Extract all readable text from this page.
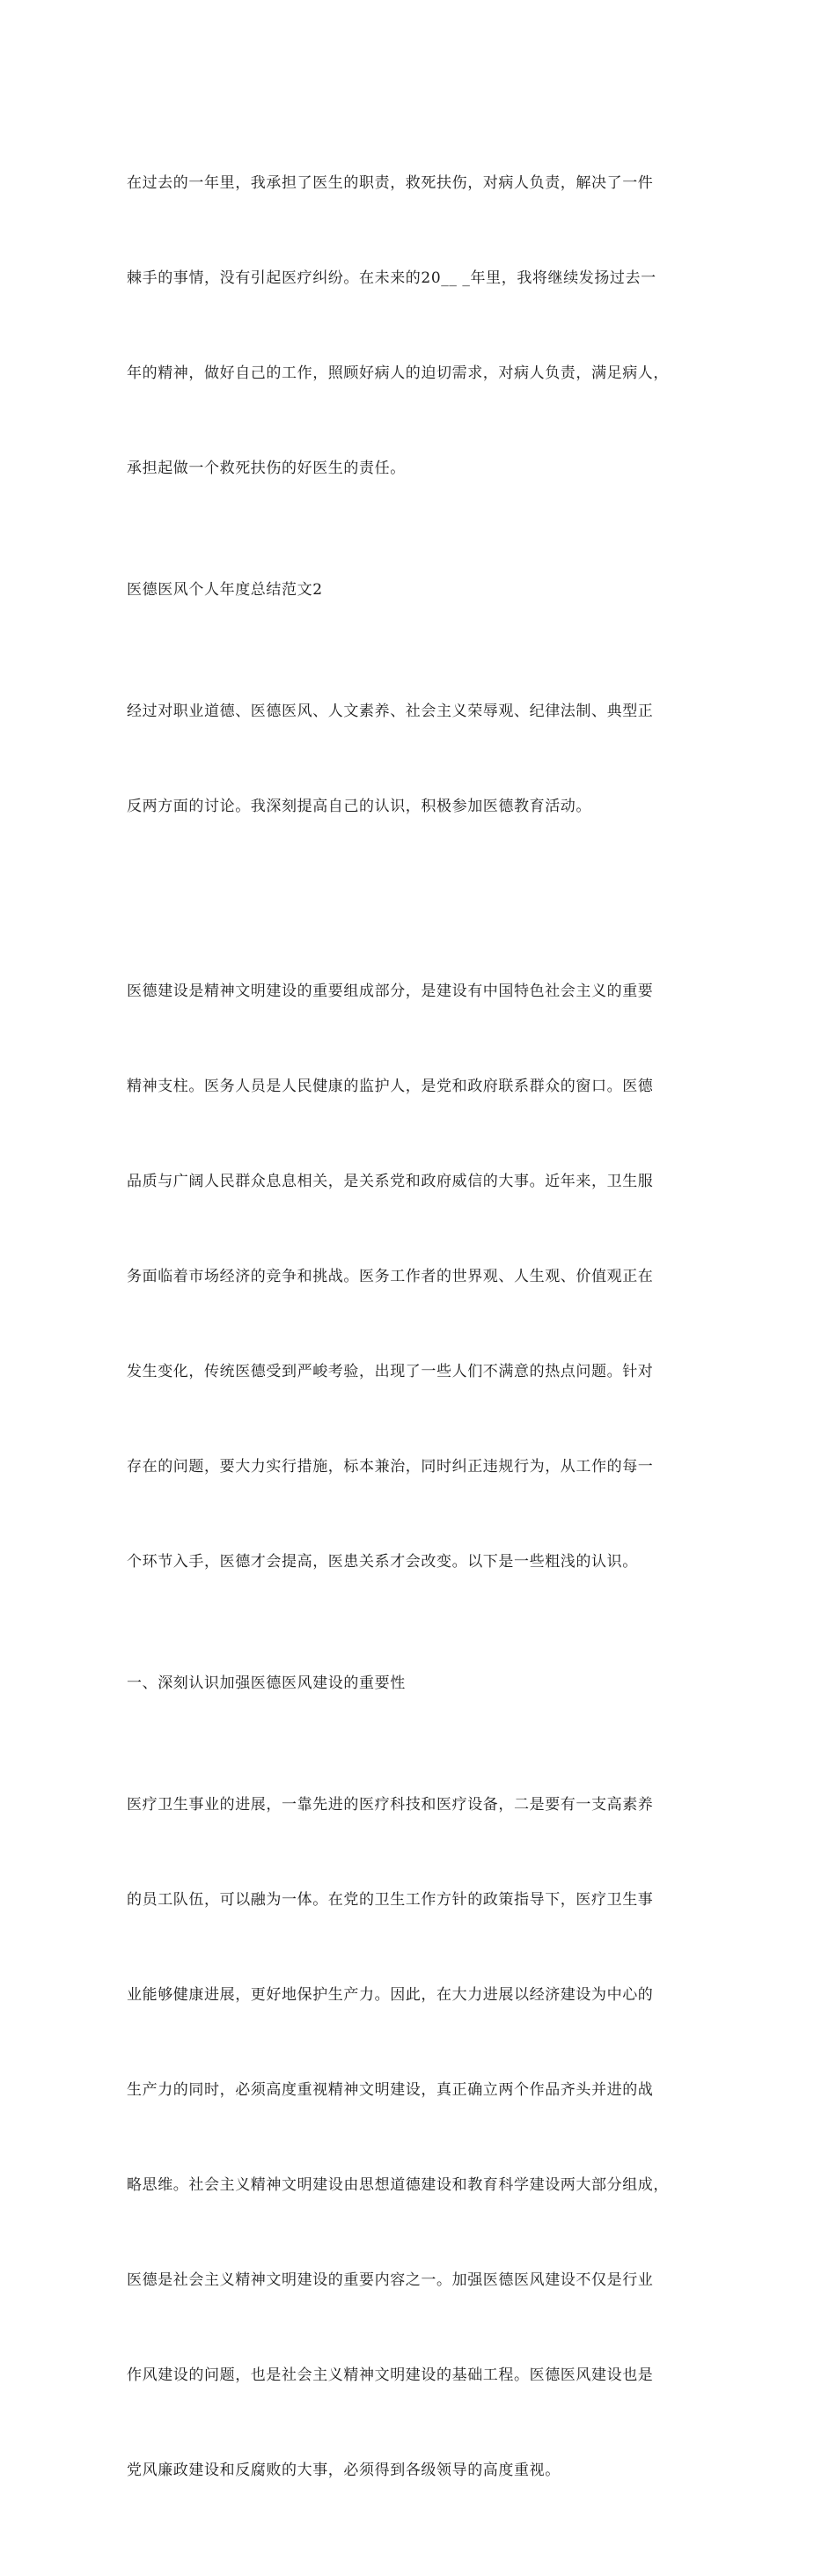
在过去的一年里，我承担了医生的职责，救死扶伤，对病人负责，解决了一件

棘手的事情，没有引起医疗纠纷。在未来的20__ _年里，我将继续发扬过去一

年的精神，做好自己的工作，照顾好病人的迫切需求，对病人负责，满足病人，

承担起做一个救死扶伤的好医生的责任。

医德医风个人年度总结范文2

经过对职业道德、医德医风、人文素养、社会主义荣辱观、纪律法制、典型正

反两方面的讨论。我深刻提高自己的认识，积极参加医德教育活动。

医德建设是精神文明建设的重要组成部分，是建设有中国特色社会主义的重要

精神支柱。医务人员是人民健康的监护人，是党和政府联系群众的窗口。医德

品质与广阔人民群众息息相关，是关系党和政府威信的大事。近年来，卫生服

务面临着市场经济的竞争和挑战。医务工作者的世界观、人生观、价值观正在

发生变化，传统医德受到严峻考验，出现了一些人们不满意的热点问题。针对

存在的问题，要大力实行措施，标本兼治，同时纠正违规行为，从工作的每一

个环节入手，医德才会提高，医患关系才会改变。以下是一些粗浅的认识。

一、深刻认识加强医德医风建设的重要性

医疗卫生事业的进展，一靠先进的医疗科技和医疗设备，二是要有一支高素养

的员工队伍，可以融为一体。在党的卫生工作方针的政策指导下，医疗卫生事

业能够健康进展，更好地保护生产力。因此，在大力进展以经济建设为中心的

生产力的同时，必须高度重视精神文明建设，真正确立两个作品齐头并进的战

略思维。社会主义精神文明建设由思想道德建设和教育科学建设两大部分组成，

医德是社会主义精神文明建设的重要内容之一。加强医德医风建设不仅是行业

作风建设的问题，也是社会主义精神文明建设的基础工程。医德医风建设也是

党风廉政建设和反腐败的大事，必须得到各级领导的高度重视。
